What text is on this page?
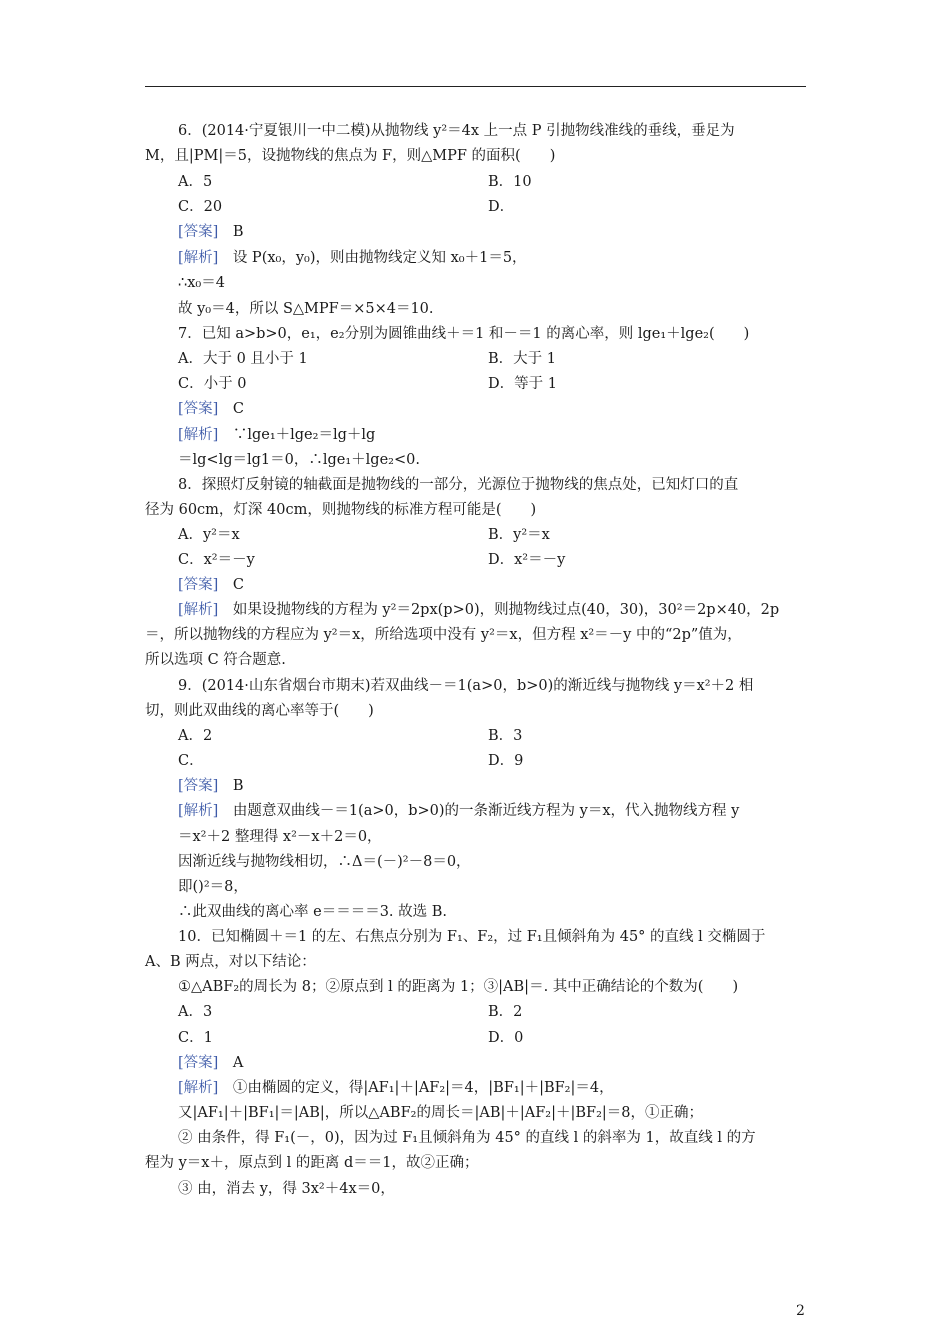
6．(2014·宁夏银川一中二模)从抛物线 y²＝4x 上一点 P 引抛物线准线的垂线，垂足为
M，且|PM|＝5，设抛物线的焦点为 F，则△MPF 的面积(　　)
A．5	B．10
C．20	D．
[答案]　 B
[解析]　 设 P(x₀，y₀)，则由抛物线定义知 x₀＋1＝5，
∴x₀＝4
故 y₀＝4，所以 S△MPF＝×5×4＝10.
7．已知 a>b>0，e₁，e₂分别为圆锥曲线＋＝1 和－＝1 的离心率，则 lge₁＋lge₂(　　)
A．大于 0 且小于 1	B．大于 1
C．小于 0	D．等于 1
[答案]　 C
[解析]　 ∵lge₁＋lge₂＝lg＋lg
＝lg<lg＝lg1＝0，∴lge₁＋lge₂<0.
8．探照灯反射镜的轴截面是抛物线的一部分，光源位于抛物线的焦点处，已知灯口的直
径为 60cm，灯深 40cm，则抛物线的标准方程可能是(　　)
A．y²＝x	B．y²＝x
C．x²＝－y	D．x²＝－y
[答案]　 C
[解析]　 如果设抛物线的方程为 y²＝2px(p>0)，则抛物线过点(40，30)，30²＝2p×40，2p
＝，所以抛物线的方程应为 y²＝x，所给选项中没有 y²＝x，但方程 x²＝－y 中的“2p”值为，
所以选项 C 符合题意.
9．(2014·山东省烟台市期末)若双曲线－＝1(a>0，b>0)的渐近线与抛物线 y＝x²＋2 相
切，则此双曲线的离心率等于(　　)
A．2	B．3
C．	D．9
[答案]　 B
[解析]　 由题意双曲线－＝1(a>0，b>0)的一条渐近线方程为 y＝x，代入抛物线方程 y
＝x²＋2 整理得 x²－x＋2＝0，
因渐近线与抛物线相切，∴Δ＝(－)²－8＝0，
即()²＝8，
∴此双曲线的离心率 e＝＝＝＝3. 故选 B.
10．已知椭圆＋＝1 的左、右焦点分别为 F₁、F₂，过 F₁且倾斜角为 45° 的直线 l 交椭圆于
A、B 两点，对以下结论：
①△ABF₂的周长为 8；②原点到 l 的距离为 1；③|AB|＝. 其中正确结论的个数为(　　)
A．3	B．2
C．1	D．0
[答案]　 A
[解析]　 ①由椭圆的定义，得|AF₁|＋|AF₂|＝4，|BF₁|＋|BF₂|＝4，
又|AF₁|＋|BF₁|＝|AB|，所以△ABF₂的周长＝|AB|＋|AF₂|＋|BF₂|＝8，①正确；
② 由条件，得 F₁(－，0)，因为过 F₁且倾斜角为 45° 的直线 l 的斜率为 1，故直线 l 的方
程为 y＝x＋，原点到 l 的距离 d＝＝1，故②正确；
③ 由，消去 y，得 3x²＋4x＝0，
2
